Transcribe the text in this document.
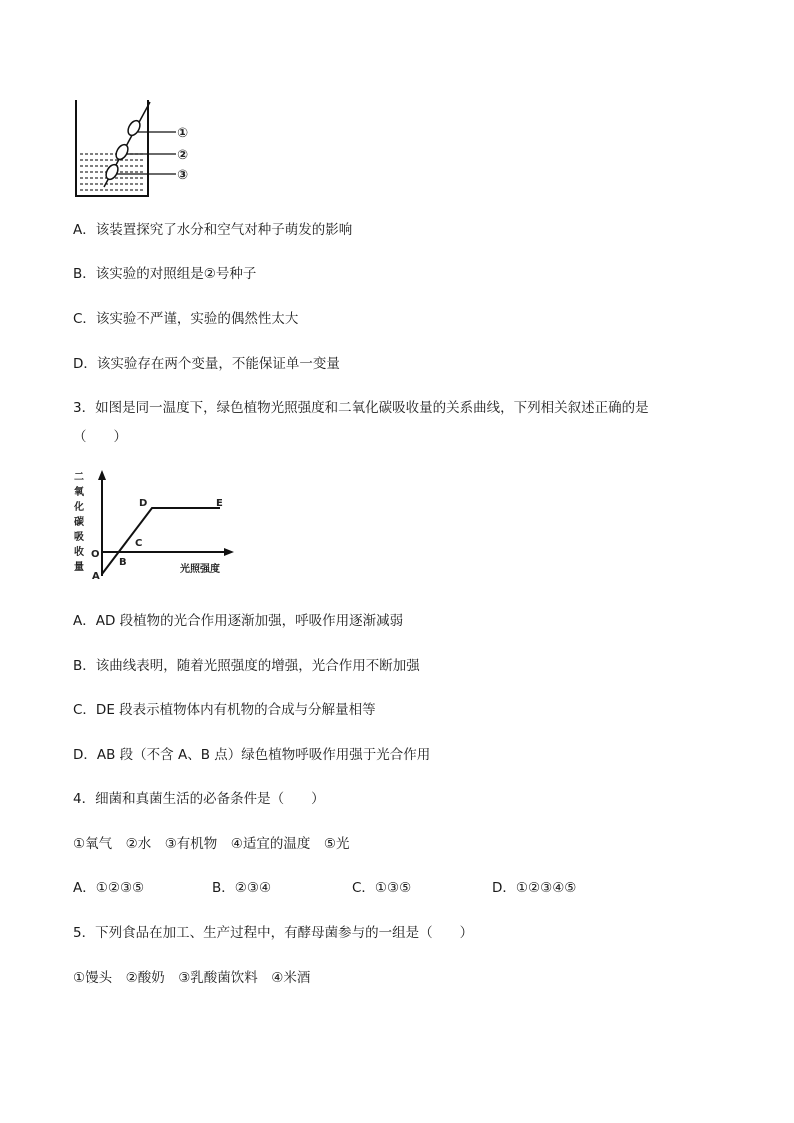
①
②
③
A．该装置探究了水分和空气对种子萌发的影响
B．该实验的对照组是②号种子
C．该实验不严谨，实验的偶然性太大
D．该实验存在两个变量，不能保证单一变量
3．如图是同一温度下，绿色植物光照强度和二氧化碳吸收量的关系曲线，下列相关叙述正确的是
（　　）
二
氧
化
碳
吸
收
量
O
A
B
C
D	E
光照强度
A．AD 段植物的光合作用逐渐加强，呼吸作用逐渐减弱
B．该曲线表明，随着光照强度的增强，光合作用不断加强
C．DE 段表示植物体内有机物的合成与分解量相等
D．AB 段（不含 A、B 点）绿色植物呼吸作用强于光合作用
4．细菌和真菌生活的必备条件是（　　）
①氧气　②水　③有机物　④适宜的温度　⑤光
A．①②③⑤	B．②③④	C．①③⑤	D．①②③④⑤
5．下列食品在加工、生产过程中，有酵母菌参与的一组是（　　）
①馒头　②酸奶　③乳酸菌饮料　④米酒
